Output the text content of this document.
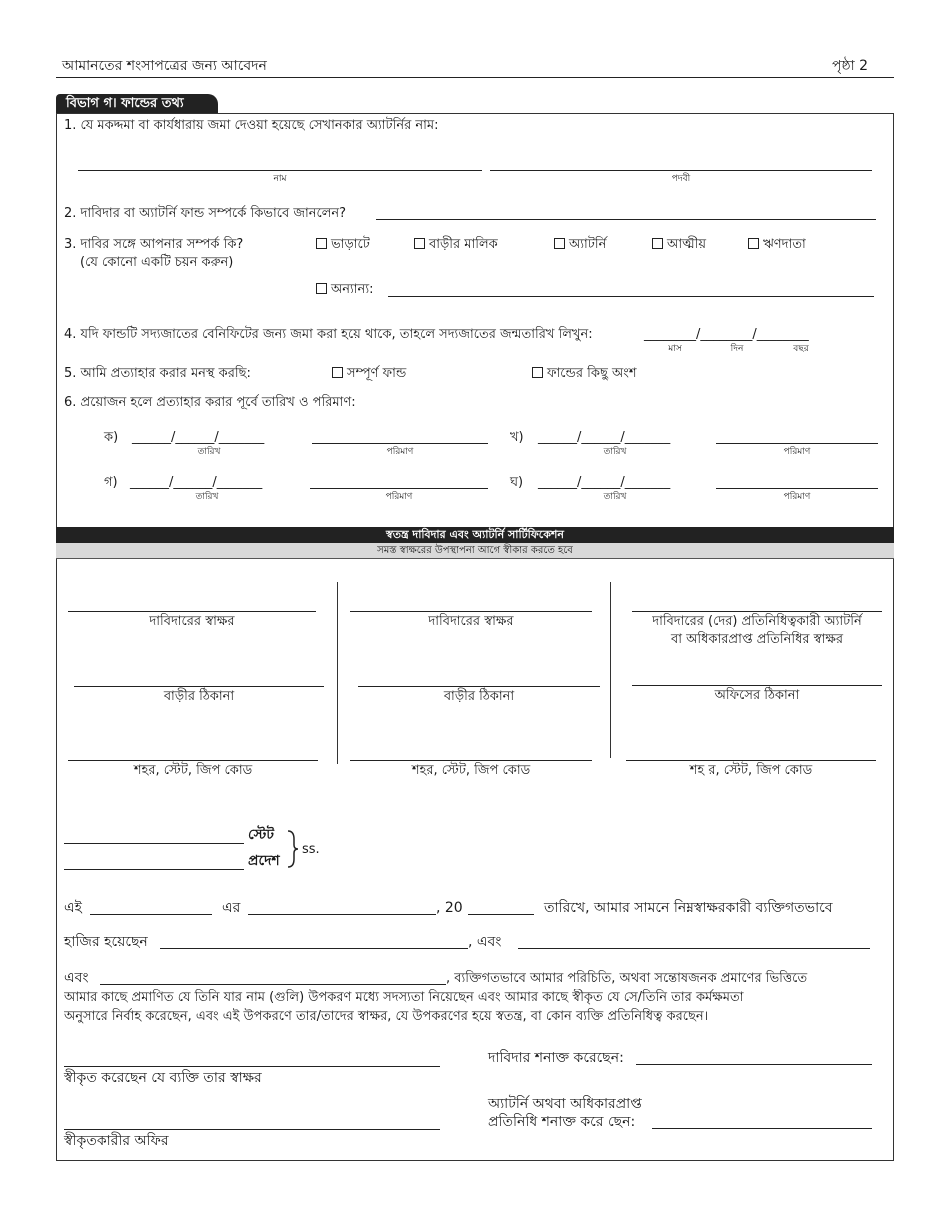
আমানতের শংসাপত্রের জন্য আবেদন	পৃষ্ঠা 2
বিভাগ গ। ফান্ডের তথ্য
1. যে মকদ্দমা বা কার্যধারায় জমা দেওয়া হয়েছে সেখানকার অ্যাটর্নির নাম:
নাম	পদবী
2. দাবিদার বা অ্যাটর্নি ফান্ড সম্পর্কে কিভাবে জানলেন?
3. দাবির সঙ্গে আপনার সম্পর্ক কি?
(যে কোনো একটি চয়ন করুন)
ভাড়াটে	বাড়ীর মালিক	অ্যাটর্নি	আত্মীয়	ঋণদাতা
অন্যান্য:
4. যদি ফান্ডটি সদ্যজাতের বেনিফিটের জন্য জমা করা হয়ে থাকে, তাহলে সদ্যজাতের জন্মতারিখ লিখুন:	________/________/________
মাস	দিন	বছর
5. আমি প্রত্যাহার করার মনস্থ করছি:	সম্পূর্ণ ফান্ড	ফান্ডের কিছু অংশ
6. প্রয়োজন হলে প্রত্যাহার করার পূর্বে তারিখ ও পরিমাণ:
ক) ______/______/_______
তারিখ	পরিমাণ
খ) ______/______/_______
তারিখ	পরিমাণ
গ) ______/______/_______
তারিখ	পরিমাণ
ঘ) ______/______/_______
তারিখ	পরিমাণ
স্বতন্ত্র দাবিদার এবং অ্যাটর্নি সার্টিফিকেশন
সমস্ত স্বাক্ষরের উপস্থাপনা আগে স্বীকার করতে হবে
দাবিদারের স্বাক্ষর
বাড়ীর ঠিকানা
শহর, স্টেট, জিপ কোড
দাবিদারের স্বাক্ষর
বাড়ীর ঠিকানা
শহর, স্টেট, জিপ কোড
দাবিদারের (দের) প্রতিনিধিত্বকারী অ্যাটর্নি
বা অধিকারপ্রাপ্ত প্রতিনিধির স্বাক্ষর
অফিসের ঠিকানা
শহ র, স্টেট, জিপ কোড
স্টেট
প্রদেশ
ss.
এই	এর	, 20	তারিখে, আমার সামনে নিম্নস্বাক্ষরকারী ব্যক্তিগতভাবে
হাজির হয়েছেন	, এবং
এবং	, ব্যক্তিগতভাবে আমার পরিচিতি, অথবা সন্তোষজনক প্রমাণের ভিত্তিতে
আমার কাছে প্রমাণিত যে তিনি যার নাম (গুলি) উপকরণ মধ্যে সদস্যতা নিয়েছেন এবং আমার কাছে স্বীকৃত যে সে/তিনি তার কর্মক্ষমতা
অনুসারে নির্বাহ করেছেন, এবং এই উপকরণে তার/তাদের স্বাক্ষর, যে উপকরণের হয়ে স্বতন্ত্র, বা কোন ব্যক্তি প্রতিনিধিত্ব করছেন।
স্বীকৃত করেছেন যে ব্যক্তি তার স্বাক্ষর
দাবিদার শনাক্ত করেছেন:
স্বীকৃতকারীর অফির
অ্যাটর্নি অথবা অধিকারপ্রাপ্ত
প্রতিনিধি শনাক্ত করে ছেন:
